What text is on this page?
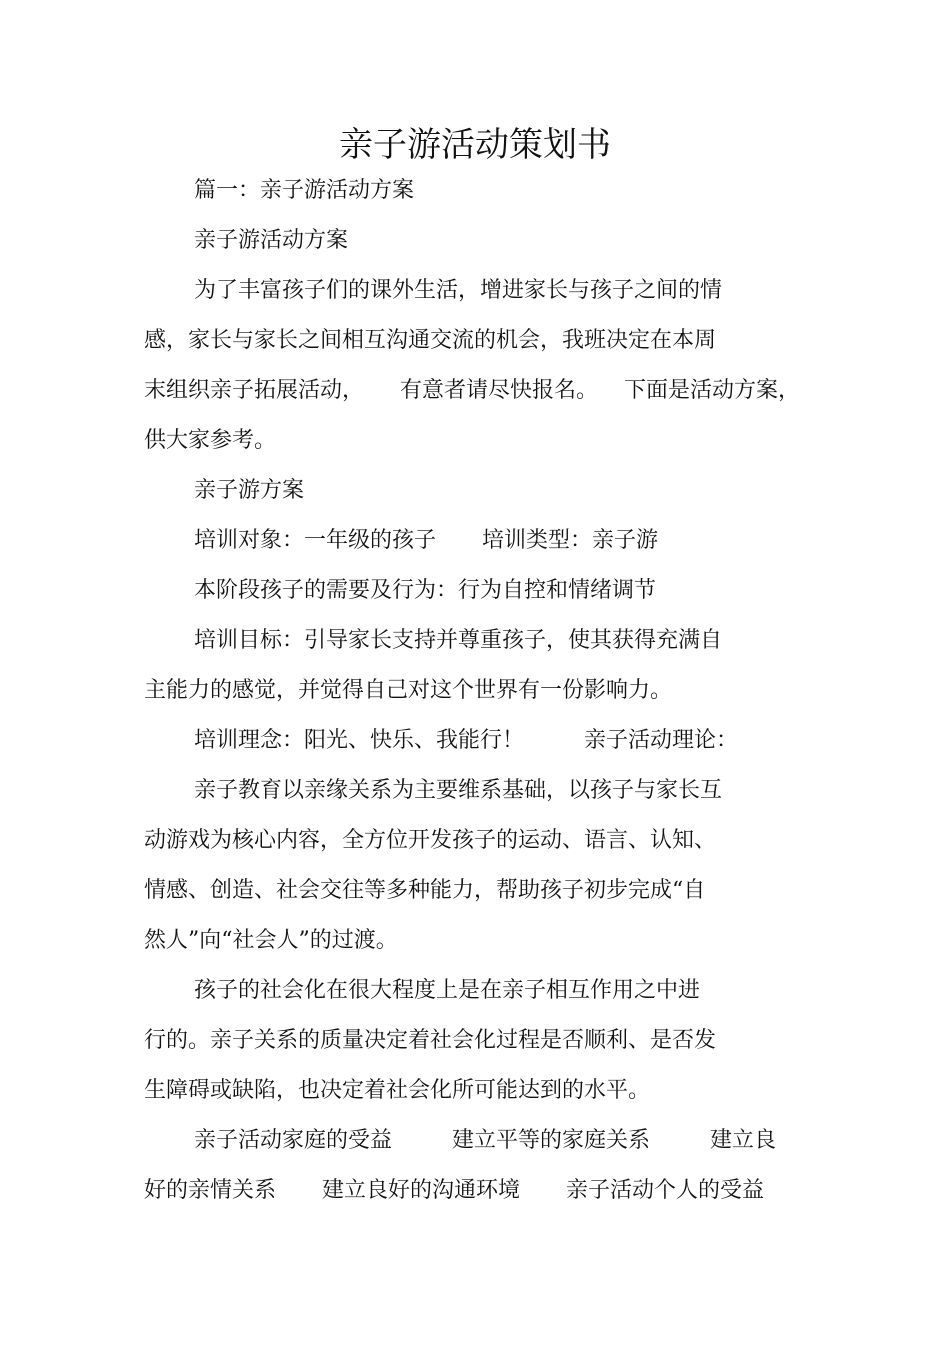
亲子游活动策划书
篇一：亲子游活动方案
亲子游活动方案
为了丰富孩子们的课外生活，增进家长与孩子之间的情
感，家长与家长之间相互沟通交流的机会，我班决定在本周
末组织亲子拓展活动， 有意者请尽快报名。 下面是活动方案，
供大家参考。
亲子游方案
培训对象：一年级的孩子 培训类型：亲子游
本阶段孩子的需要及行为：行为自控和情绪调节
培训目标：引导家长支持并尊重孩子，使其获得充满自
主能力的感觉，并觉得自己对这个世界有一份影响力。
培训理念：阳光、快乐、我能行！	亲子活动理论：
亲子教育以亲缘关系为主要维系基础，以孩子与家长互
动游戏为核心内容，全方位开发孩子的运动、语言、认知、
情感、创造、社会交往等多种能力，帮助孩子初步完成“自
然人”向“社会人”的过渡。
孩子的社会化在很大程度上是在亲子相互作用之中进
行的。亲子关系的质量决定着社会化过程是否顺利、是否发
生障碍或缺陷，也决定着社会化所可能达到的水平。
亲子活动家庭的受益	建立平等的家庭关系	建立良
好的亲情关系 建立良好的沟通环境 亲子活动个人的受益
